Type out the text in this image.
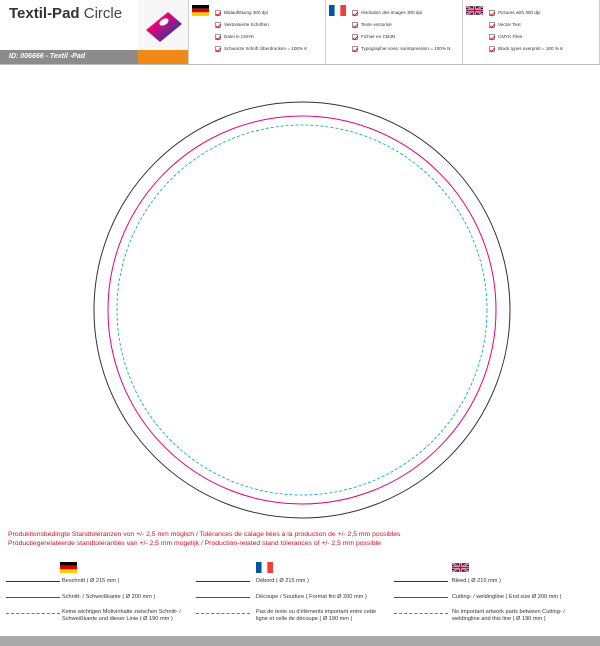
Textil-Pad Circle
ID: 006666 - Textil -Pad
Bildauflösung 300 dpi
Vektorisierte Schriften
Datei in CMYK
Schwarze Schrift Überdrucken = 100% K
résolution des images 300 dpi
Texte vectorisé
Fichier en CMJN
Typographie noire: surimpression = 100% N
Pictures with 300 dpi
Vector Text
CMYK Files
Black types overprint = 100 % K
Produktionsbedingte Standtoleranzen von +/- 2,5 mm möglich / Tolérances de calage liées à la production de +/- 2,5 mm possibles
Productiegerelateerde standtoleranties van +/- 2,5 mm mogelijk / Production-related stand tolerances of +/- 2,5 mm possible
Beschnitt ( Ø 215 mm )
Schnitt- / Schweißkante ( Ø 200 mm )
Keine wichtigen Motivinhalte zwischen Schnitt- / Schweißkante und dieser Linie ( Ø 190 mm )
Débord ( Ø 215 mm )
Découpe / Soudure ( Format fini Ø 200 mm )
Pas de texte ou d'éléments important entre cette ligne et celle de découpe ( Ø 190 mm )
Bleed ( Ø 215 mm )
Cutting- / weldingline ( End size Ø 200 mm )
No important artwork parts between Cutting- / weldingline and this line ( Ø 190 mm )
